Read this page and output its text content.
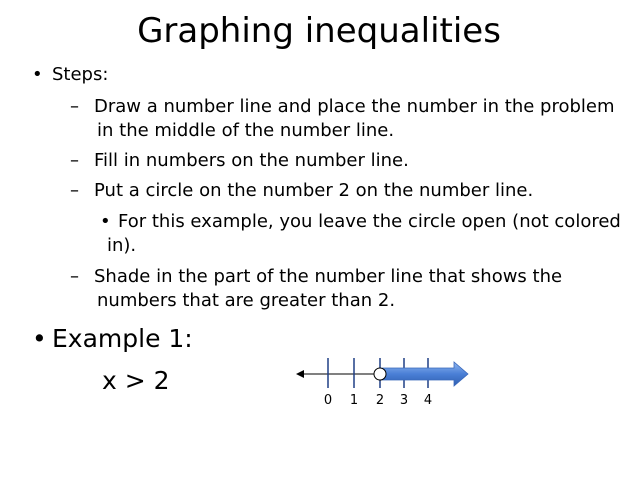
Graphing inequalities
• Steps:
– Draw a number line and place the number in the problem
in the middle of the number line.
– Fill in numbers on the number line.
– Put a circle on the number 2 on the number line.
• For this example, you leave the circle open (not colored
in).
– Shade in the part of the number line that shows the
numbers that are greater than 2.
• Example 1:
x > 2
0 1 2 3 4
